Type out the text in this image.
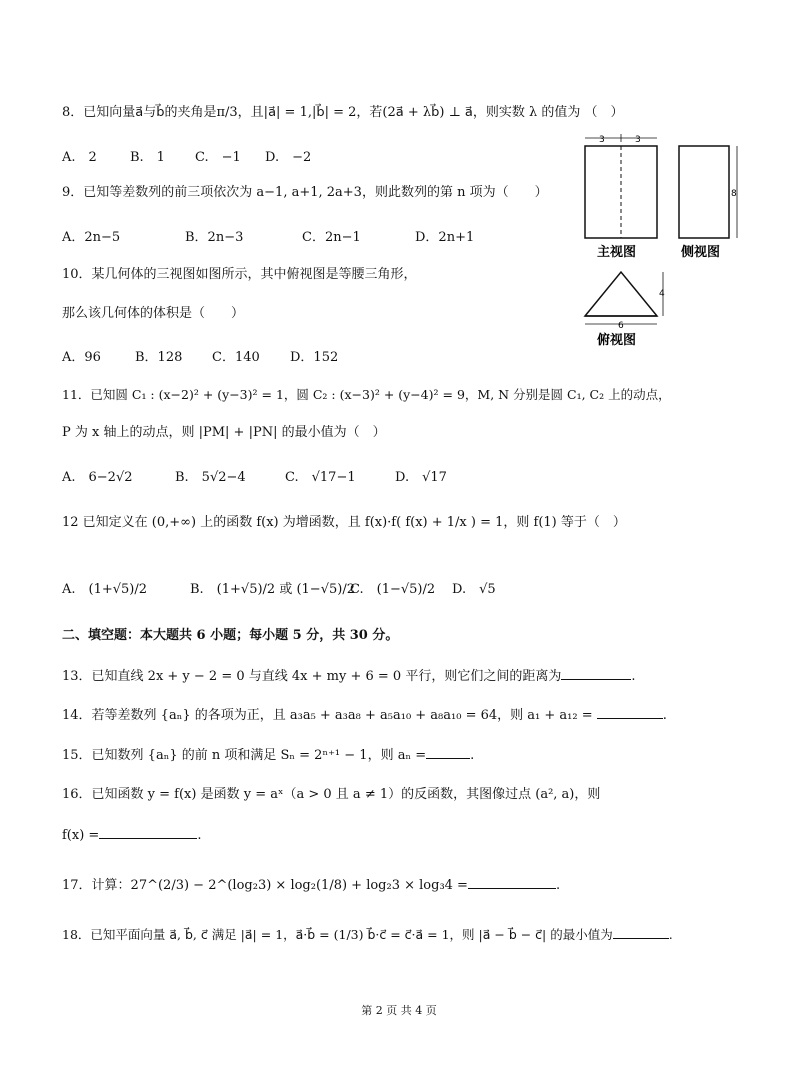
8．已知向量a⃗与b⃗的夹角是π/3，且|a⃗| = 1,|b⃗| = 2，若(2a⃗ + λb⃗) ⊥ a⃗，则实数 λ 的值为 （　）
A.　2	B.　1 C.　−1 D.　−2
9．已知等差数列的前三项依次为 a−1, a+1, 2a+3，则此数列的第 n 项为（　　）
A．2n−5	B．2n−3	C．2n−1	D．2n+1
10．某几何体的三视图如图所示，其中俯视图是等腰三角形，
那么该几何体的体积是（　　）
A．96	B．128 C．140 D．152
3	3
主视图
8
侧视图
4
6
俯视图
11．已知圆 C₁ : (x−2)² + (y−3)² = 1，圆 C₂ : (x−3)² + (y−4)² = 9，M, N 分别是圆 C₁, C₂ 上的动点，
P 为 x 轴上的动点，则 |PM| + |PN| 的最小值为（　）
A.　6−2√2	B.　5√2−4	C.　√17−1	D.　√17
12 已知定义在 (0,+∞) 上的函数 f(x) 为增函数，且 f(x)·f( f(x) + 1/x ) = 1，则 f(1) 等于（　）
A.　(1+√5)/2	B.　(1+√5)/2 或 (1−√5)/2
C.　(1−√5)/2 D.　√5
二、填空题：本大题共 6 小题；每小题 5 分，共 30 分。
13．已知直线 2x + y − 2 = 0 与直线 4x + my + 6 = 0 平行，则它们之间的距离为	.
14．若等差数列 {aₙ} 的各项为正，且 a₃a₅ + a₃a₈ + a₅a₁₀ + a₈a₁₀ = 64，则 a₁ + a₁₂ =	.
15．已知数列 {aₙ} 的前 n 项和满足 Sₙ = 2ⁿ⁺¹ − 1，则 aₙ =	.
16．已知函数 y = f(x) 是函数 y = aˣ（a > 0 且 a ≠ 1）的反函数，其图像过点 (a², a)，则
f(x) =	.
17．计算：27^(2/3) − 2^(log₂3) × log₂(1/8) + log₂3 × log₃4 =	.
18．已知平面向量 a⃗, b⃗, c⃗ 满足 |a⃗| = 1，a⃗·b⃗ = (1/3) b⃗·c⃗ = c⃗·a⃗ = 1，则 |a⃗ − b⃗ − c⃗| 的最小值为	.
第 2 页 共 4 页
